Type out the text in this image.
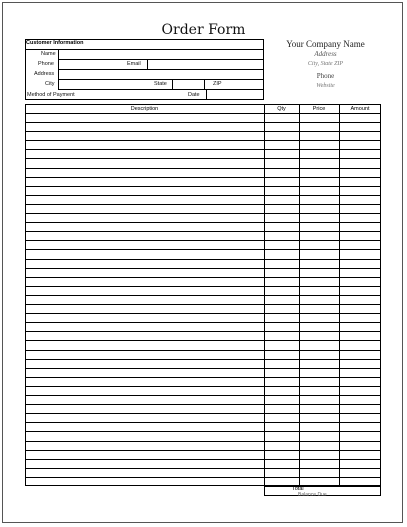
Order Form
Your Company Name
Address
City, State ZIP
Phone
Website
Customer Information
Name
Phone	Email
Address
City	State	ZIP
Method of Payment	Date
Description	Qty	Price	Amount
Total
Balance Due
